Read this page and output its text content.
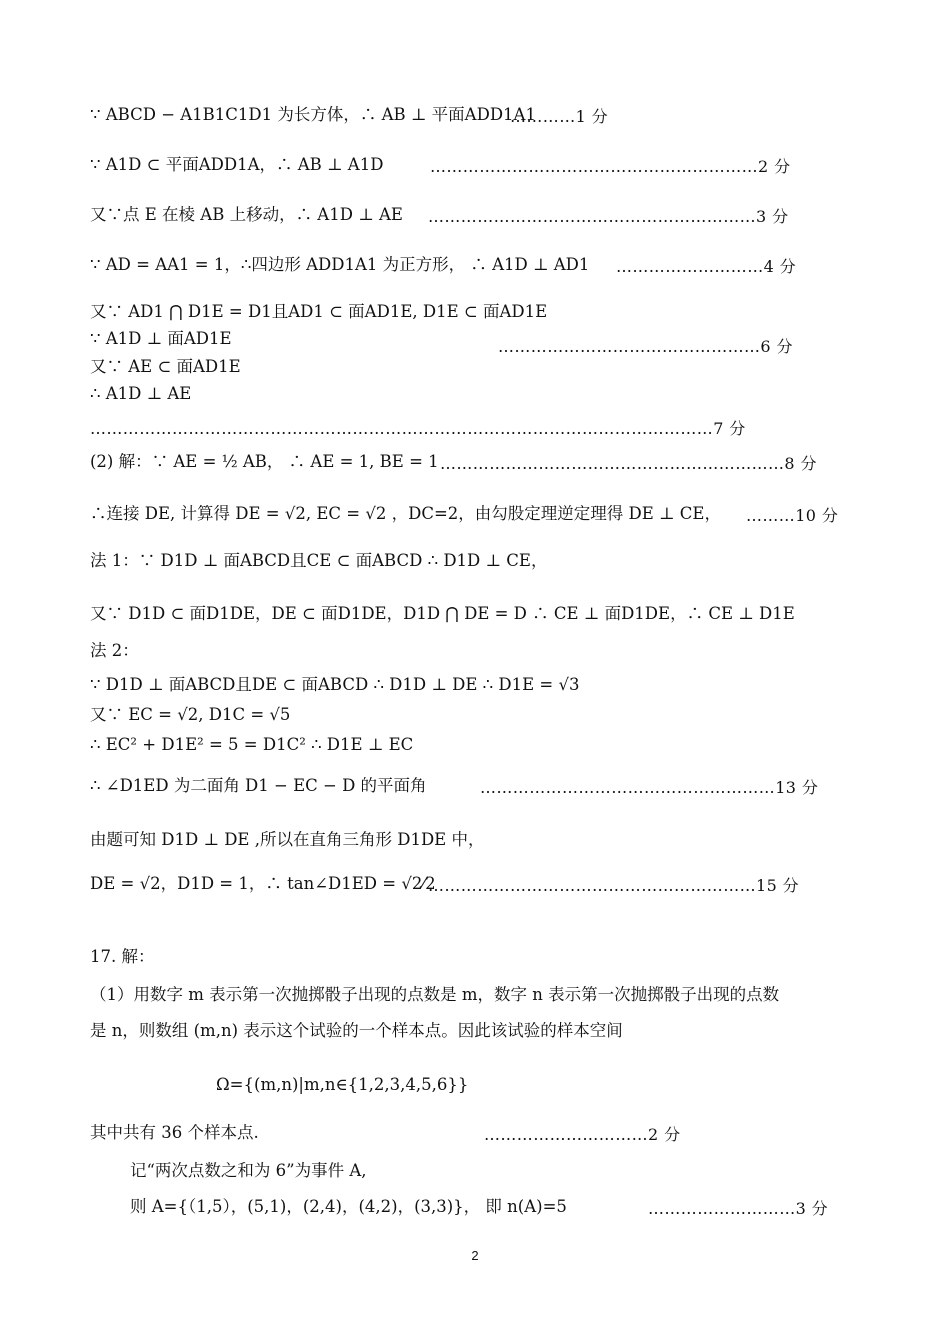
∵ ABCD − A1B1C1D1 为长方体，∴ AB ⊥ 平面ADD1A1
…………1 分
∵ A1D ⊂ 平面ADD1A，∴ AB ⊥ A1D	……………………………………………………2 分
又∵点 E 在棱 AB 上移动，∴ A1D ⊥ AE	……………………………………………………3 分
∵ AD = AA1 = 1，∴四边形 ADD1A1 为正方形， ∴ A1D ⊥ AD1	………………………4 分
又∵ AD1 ⋂ D1E = D1且AD1 ⊂ 面AD1E, D1E ⊂ 面AD1E
∵ A1D ⊥ 面AD1E	…………………………………………6 分
又∵ AE ⊂ 面AD1E
∴ A1D ⊥ AE
……………………………………………………………………………………………………7 分
(2) 解：∵ AE = ½ AB， ∴ AE = 1, BE = 1 ………………………………………………………8 分
∴连接 DE, 计算得 DE = √2, EC = √2 ，DC=2，由勾股定理逆定理得 DE ⊥ CE，	………10 分
法 1：∵ D1D ⊥ 面ABCD且CE ⊂ 面ABCD ∴ D1D ⊥ CE，
又∵ D1D ⊂ 面D1DE，DE ⊂ 面D1DE，D1D ⋂ DE = D ∴ CE ⊥ 面D1DE，∴ CE ⊥ D1E
法 2：
∵ D1D ⊥ 面ABCD且DE ⊂ 面ABCD ∴ D1D ⊥ DE ∴ D1E = √3
又∵ EC = √2, D1C = √5
∴ EC² + D1E² = 5 = D1C² ∴ D1E ⊥ EC
∴ ∠D1ED 为二面角 D1 − EC − D 的平面角	………………………………………………13 分
由题可知 D1D ⊥ DE ,所以在直角三角形 D1DE 中，
DE = √2，D1D = 1，∴ tan∠D1ED = √2⁄2
……………………………………………………15 分
17. 解：
（1）用数字 m 表示第一次抛掷骰子出现的点数是 m，数字 n 表示第一次抛掷骰子出现的点数
是 n，则数组 (m,n) 表示这个试验的一个样本点。因此该试验的样本空间
Ω={(m,n)|m,n∈{1,2,3,4,5,6}}
其中共有 36 个样本点.	…………………………2 分
记“两次点数之和为 6”为事件 A,
则 A={（1,5），(5,1)，(2,4)，(4,2)，(3,3)}， 即 n(A)=5	………………………3 分
2
